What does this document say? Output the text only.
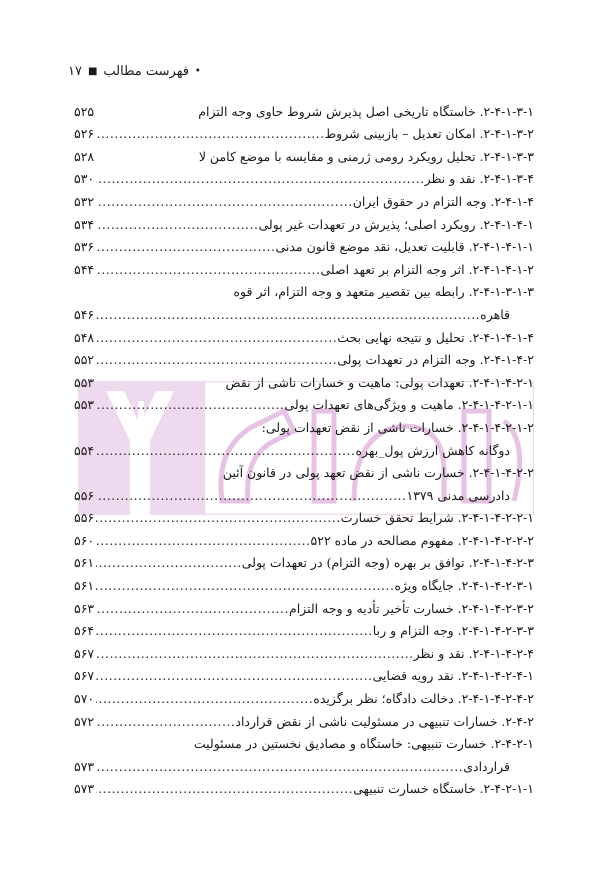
•
فهرست مطالب
■
۱۷
۲-۴-۱-۳-۱. خاستگاه تاریخی اصل پذیرش شروط حاوی وجه التزام
۵۲۵
۲-۴-۱-۳-۲. امکان تعدیل – بازبینی شروط
.....
۵۲۶
۲-۴-۱-۳-۳. تحلیل رویکرد رومی ژرمنی و مقایسه با موضع کامن لا
۵۲۸
۲-۴-۱-۳-۴. نقد و نظر
.....
۵۳۰
۲-۴-۱-۴. وجه التزام در حقوق ایران
.....
۵۳۲
۲-۴-۱-۴-۱. رویکرد اصلی؛ پذیرش در تعهدات غیر پولی
.....
۵۳۴
۲-۴-۱-۴-۱-۱. قابلیت تعدیل، نقد موضع قانون مدنی
.....
۵۳۶
۲-۴-۱-۴-۱-۲. اثر وجه التزام بر تعهد اصلی
.....
۵۴۴
۲-۴-۱-۳-۱-۳. رابطه بین تقصیر متعهد و وجه التزام، اثر قوه
قاهره
.....
۵۴۶
۲-۴-۱-۴-۱-۴. تحلیل و نتیجه نهایی بحث
.....
۵۴۸
۲-۴-۱-۴-۲. وجه التزام در تعهدات پولی
.....
۵۵۲
۲-۴-۱-۴-۲-۱. تعهدات پولی: ماهیت و خسارات ناشی از نقض
۵۵۳
۲-۴-۱-۴-۲-۱-۱. ماهیت و ویژگی‌های تعهدات پولی
.....
۵۵۳
۲-۴-۱-۴-۲-۱-۲. خسارات ناشی از نقض تعهدات پولی:
دوگانه کاهش ارزش پول_بهره
.....
۵۵۴
۲-۴-۱-۴-۲-۲. خسارت ناشی از نقض تعهد پولی در قانون آئین
دادرسی مدنی ۱۳۷۹
.....
۵۵۶
۲-۴-۱-۴-۲-۲-۱. شرایط تحقق خسارت
.....
۵۵۶
۲-۴-۱-۴-۲-۲-۲. مفهوم مصالحه در ماده ۵۲۲
.....
۵۶۰
۲-۴-۱-۴-۲-۳. توافق بر بهره (وجه التزام) در تعهدات پولی
.....
۵۶۱
۲-۴-۱-۴-۲-۳-۱. جایگاه ویژه
.....
۵۶۱
۲-۴-۱-۴-۲-۳-۲. خسارت تأخیر تأدیه و وجه التزام
.....
۵۶۳
۲-۴-۱-۴-۲-۳-۳. وجه التزام و ربا
.....
۵۶۴
۲-۴-۱-۴-۲-۴. نقد و نظر
.....
۵۶۷
۲-۴-۱-۴-۲-۴-۱. نقد رویه قضایی
.....
۵۶۷
۲-۴-۱-۴-۲-۴-۲. دخالت دادگاه؛ نظر برگزیده
.....
۵۷۰
۲-۴-۲. خسارات تنبیهی در مسئولیت ناشی از نقض قرارداد
.....
۵۷۲
۲-۴-۲-۱. خسارت تنبیهی: خاستگاه و مصادیق نخستین در مسئولیت
قراردادی
.....
۵۷۳
۲-۴-۲-۱-۱. خاستگاه خسارت تنبیهی
.....
۵۷۳
